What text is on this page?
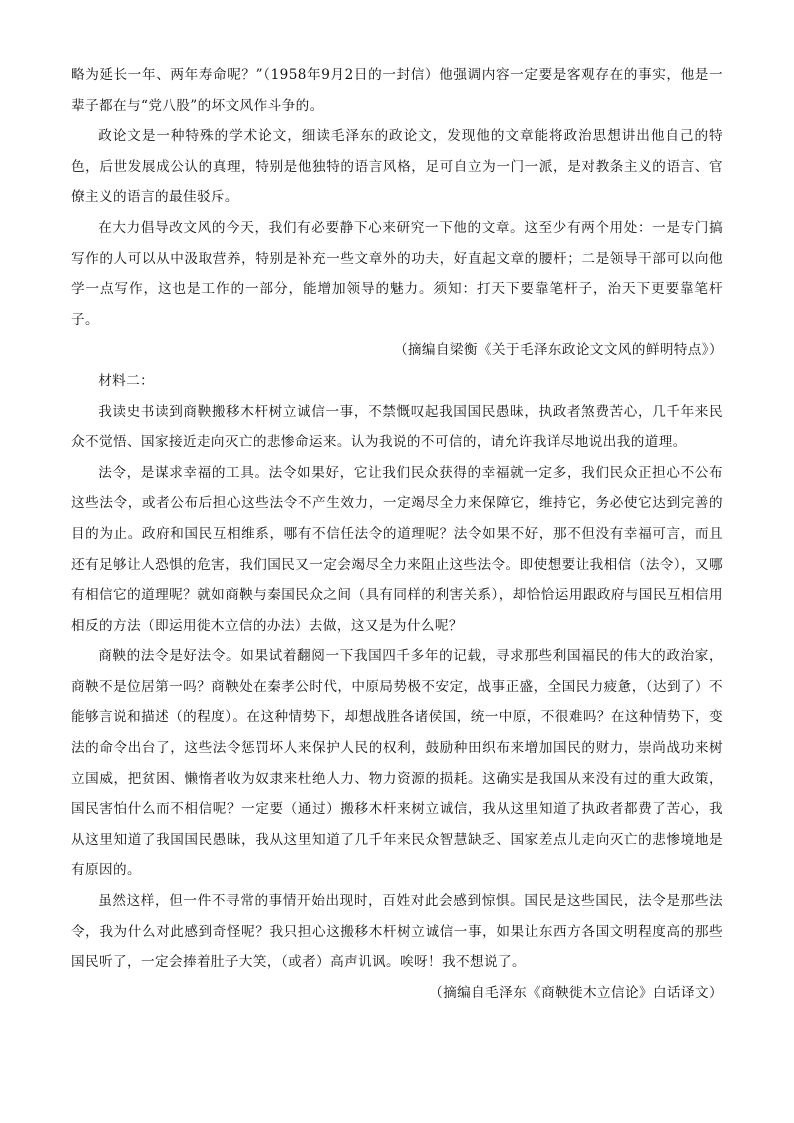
略为延长一年、两年寿命呢？”（1958年9月2日的一封信）他强调内容一定要是客观存在的事实，他是一辈子都在与“党八股”的坏文风作斗争的。

政论文是一种特殊的学术论文，细读毛泽东的政论文，发现他的文章能将政治思想讲出他自己的特色，后世发展成公认的真理，特别是他独特的语言风格，足可自立为一门一派，是对教条主义的语言、官僚主义的语言的最佳驳斥。

在大力倡导改文风的今天，我们有必要静下心来研究一下他的文章。这至少有两个用处：一是专门搞写作的人可以从中汲取营养，特别是补充一些文章外的功夫，好直起文章的腰杆；二是领导干部可以向他学一点写作，这也是工作的一部分，能增加领导的魅力。须知：打天下要靠笔杆子，治天下更要靠笔杆子。

（摘编自梁衡《关于毛泽东政论文文风的鲜明特点》）

材料二：

我读史书读到商鞅搬移木杆树立诚信一事，不禁慨叹起我国国民愚昧，执政者煞费苦心，几千年来民众不觉悟、国家接近走向灭亡的悲惨命运来。认为我说的不可信的，请允许我详尽地说出我的道理。

法令，是谋求幸福的工具。法令如果好，它让我们民众获得的幸福就一定多，我们民众正担心不公布这些法令，或者公布后担心这些法令不产生效力，一定竭尽全力来保障它，维持它，务必使它达到完善的目的为止。政府和国民互相维系，哪有不信任法令的道理呢？法令如果不好，那不但没有幸福可言，而且还有足够让人恐惧的危害，我们国民又一定会竭尽全力来阻止这些法令。即使想要让我相信（法令），又哪有相信它的道理呢？就如商鞅与秦国民众之间（具有同样的利害关系），却恰恰运用跟政府与国民互相信用相反的方法（即运用徙木立信的办法）去做，这又是为什么呢？

商鞅的法令是好法令。如果试着翻阅一下我国四千多年的记载，寻求那些利国福民的伟大的政治家，商鞅不是位居第一吗？商鞅处在秦孝公时代，中原局势极不安定，战事正盛，全国民力疲惫，（达到了）不能够言说和描述（的程度）。在这种情势下，却想战胜各诸侯国，统一中原，不很难吗？在这种情势下，变法的命令出台了，这些法令惩罚坏人来保护人民的权利，鼓励种田织布来增加国民的财力，崇尚战功来树立国威，把贫困、懒惰者收为奴隶来杜绝人力、物力资源的损耗。这确实是我国从来没有过的重大政策，国民害怕什么而不相信呢？一定要（通过）搬移木杆来树立诚信，我从这里知道了执政者都费了苦心，我从这里知道了我国国民愚昧，我从这里知道了几千年来民众智慧缺乏、国家差点儿走向灭亡的悲惨境地是有原因的。

虽然这样，但一件不寻常的事情开始出现时，百姓对此会感到惊惧。国民是这些国民，法令是那些法令，我为什么对此感到奇怪呢？我只担心这搬移木杆树立诚信一事，如果让东西方各国文明程度高的那些国民听了，一定会捧着肚子大笑，（或者）高声讥讽。唉呀！我不想说了。

（摘编自毛泽东《商鞅徙木立信论》白话译文）
